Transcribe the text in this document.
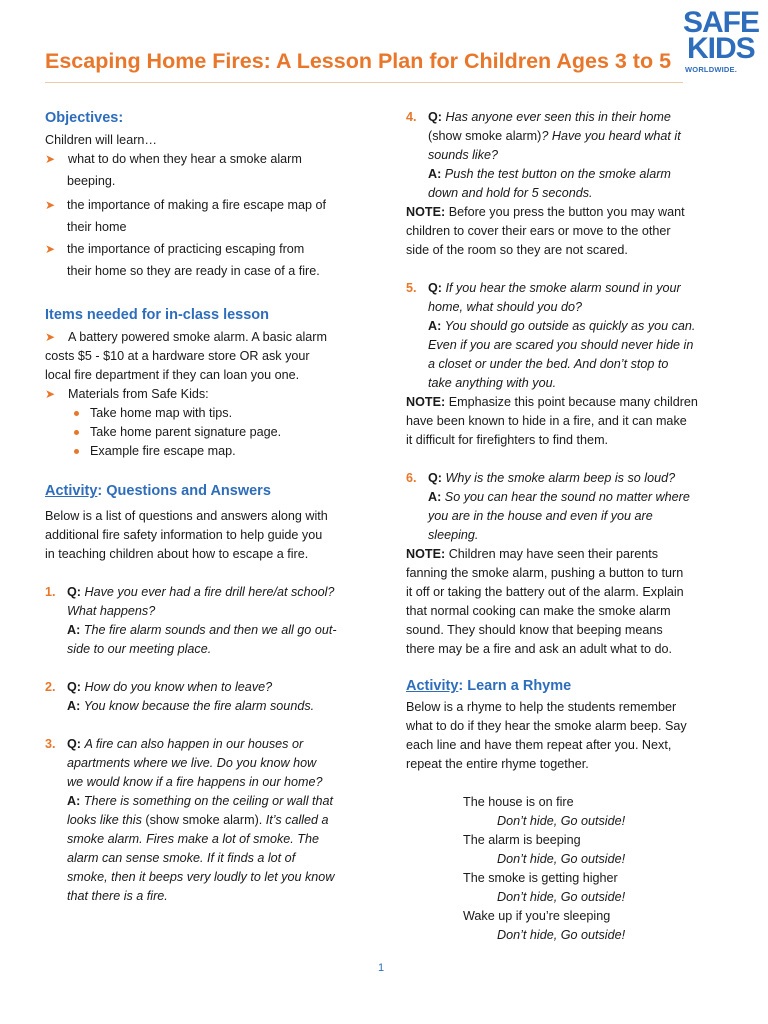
Escaping Home Fires: A Lesson Plan for Children Ages 3 to 5
SAFE
KIDS
WORLDWIDE.
Objectives:
Children will learn…
➤ what to do when they hear a smoke alarm
beeping.
➤ the importance of making a fire escape map of
their home
➤ the importance of practicing escaping from
their home so they are ready in case of a fire.
Items needed for in-class lesson
➤ A battery powered smoke alarm. A basic alarm
costs $5 - $10 at a hardware store OR ask your
local fire department if they can loan you one.
➤ Materials from Safe Kids:
Take home map with tips.
Take home parent signature page.
Example fire escape map.
Activity: Questions and Answers
Below is a list of questions and answers along with
additional fire safety information to help guide you
in teaching children about how to escape a fire.
1. Q: Have you ever had a fire drill here/at school?
What happens?
A: The fire alarm sounds and then we all go out-
side to our meeting place.
2. Q: How do you know when to leave?
A: You know because the fire alarm sounds.
3. Q: A fire can also happen in our houses or
apartments where we live. Do you know how
we would know if a fire happens in our home?
A: There is something on the ceiling or wall that
looks like this (show smoke alarm). It’s called a
smoke alarm. Fires make a lot of smoke. The
alarm can sense smoke. If it finds a lot of
smoke, then it beeps very loudly to let you know
that there is a fire.
4. Q: Has anyone ever seen this in their home
(show smoke alarm)? Have you heard what it
sounds like?
A: Push the test button on the smoke alarm
down and hold for 5 seconds.
NOTE: Before you press the button you may want
children to cover their ears or move to the other
side of the room so they are not scared.
5. Q: If you hear the smoke alarm sound in your
home, what should you do?
A: You should go outside as quickly as you can.
Even if you are scared you should never hide in
a closet or under the bed. And don’t stop to
take anything with you.
NOTE: Emphasize this point because many children
have been known to hide in a fire, and it can make
it difficult for firefighters to find them.
6. Q: Why is the smoke alarm beep is so loud?
A: So you can hear the sound no matter where
you are in the house and even if you are
sleeping.
NOTE: Children may have seen their parents
fanning the smoke alarm, pushing a button to turn
it off or taking the battery out of the alarm. Explain
that normal cooking can make the smoke alarm
sound. They should know that beeping means
there may be a fire and ask an adult what to do.
Activity: Learn a Rhyme
Below is a rhyme to help the students remember
what to do if they hear the smoke alarm beep. Say
each line and have them repeat after you. Next,
repeat the entire rhyme together.
The house is on fire
Don’t hide, Go outside!
The alarm is beeping
Don’t hide, Go outside!
The smoke is getting higher
Don’t hide, Go outside!
Wake up if you’re sleeping
Don’t hide, Go outside!
1
